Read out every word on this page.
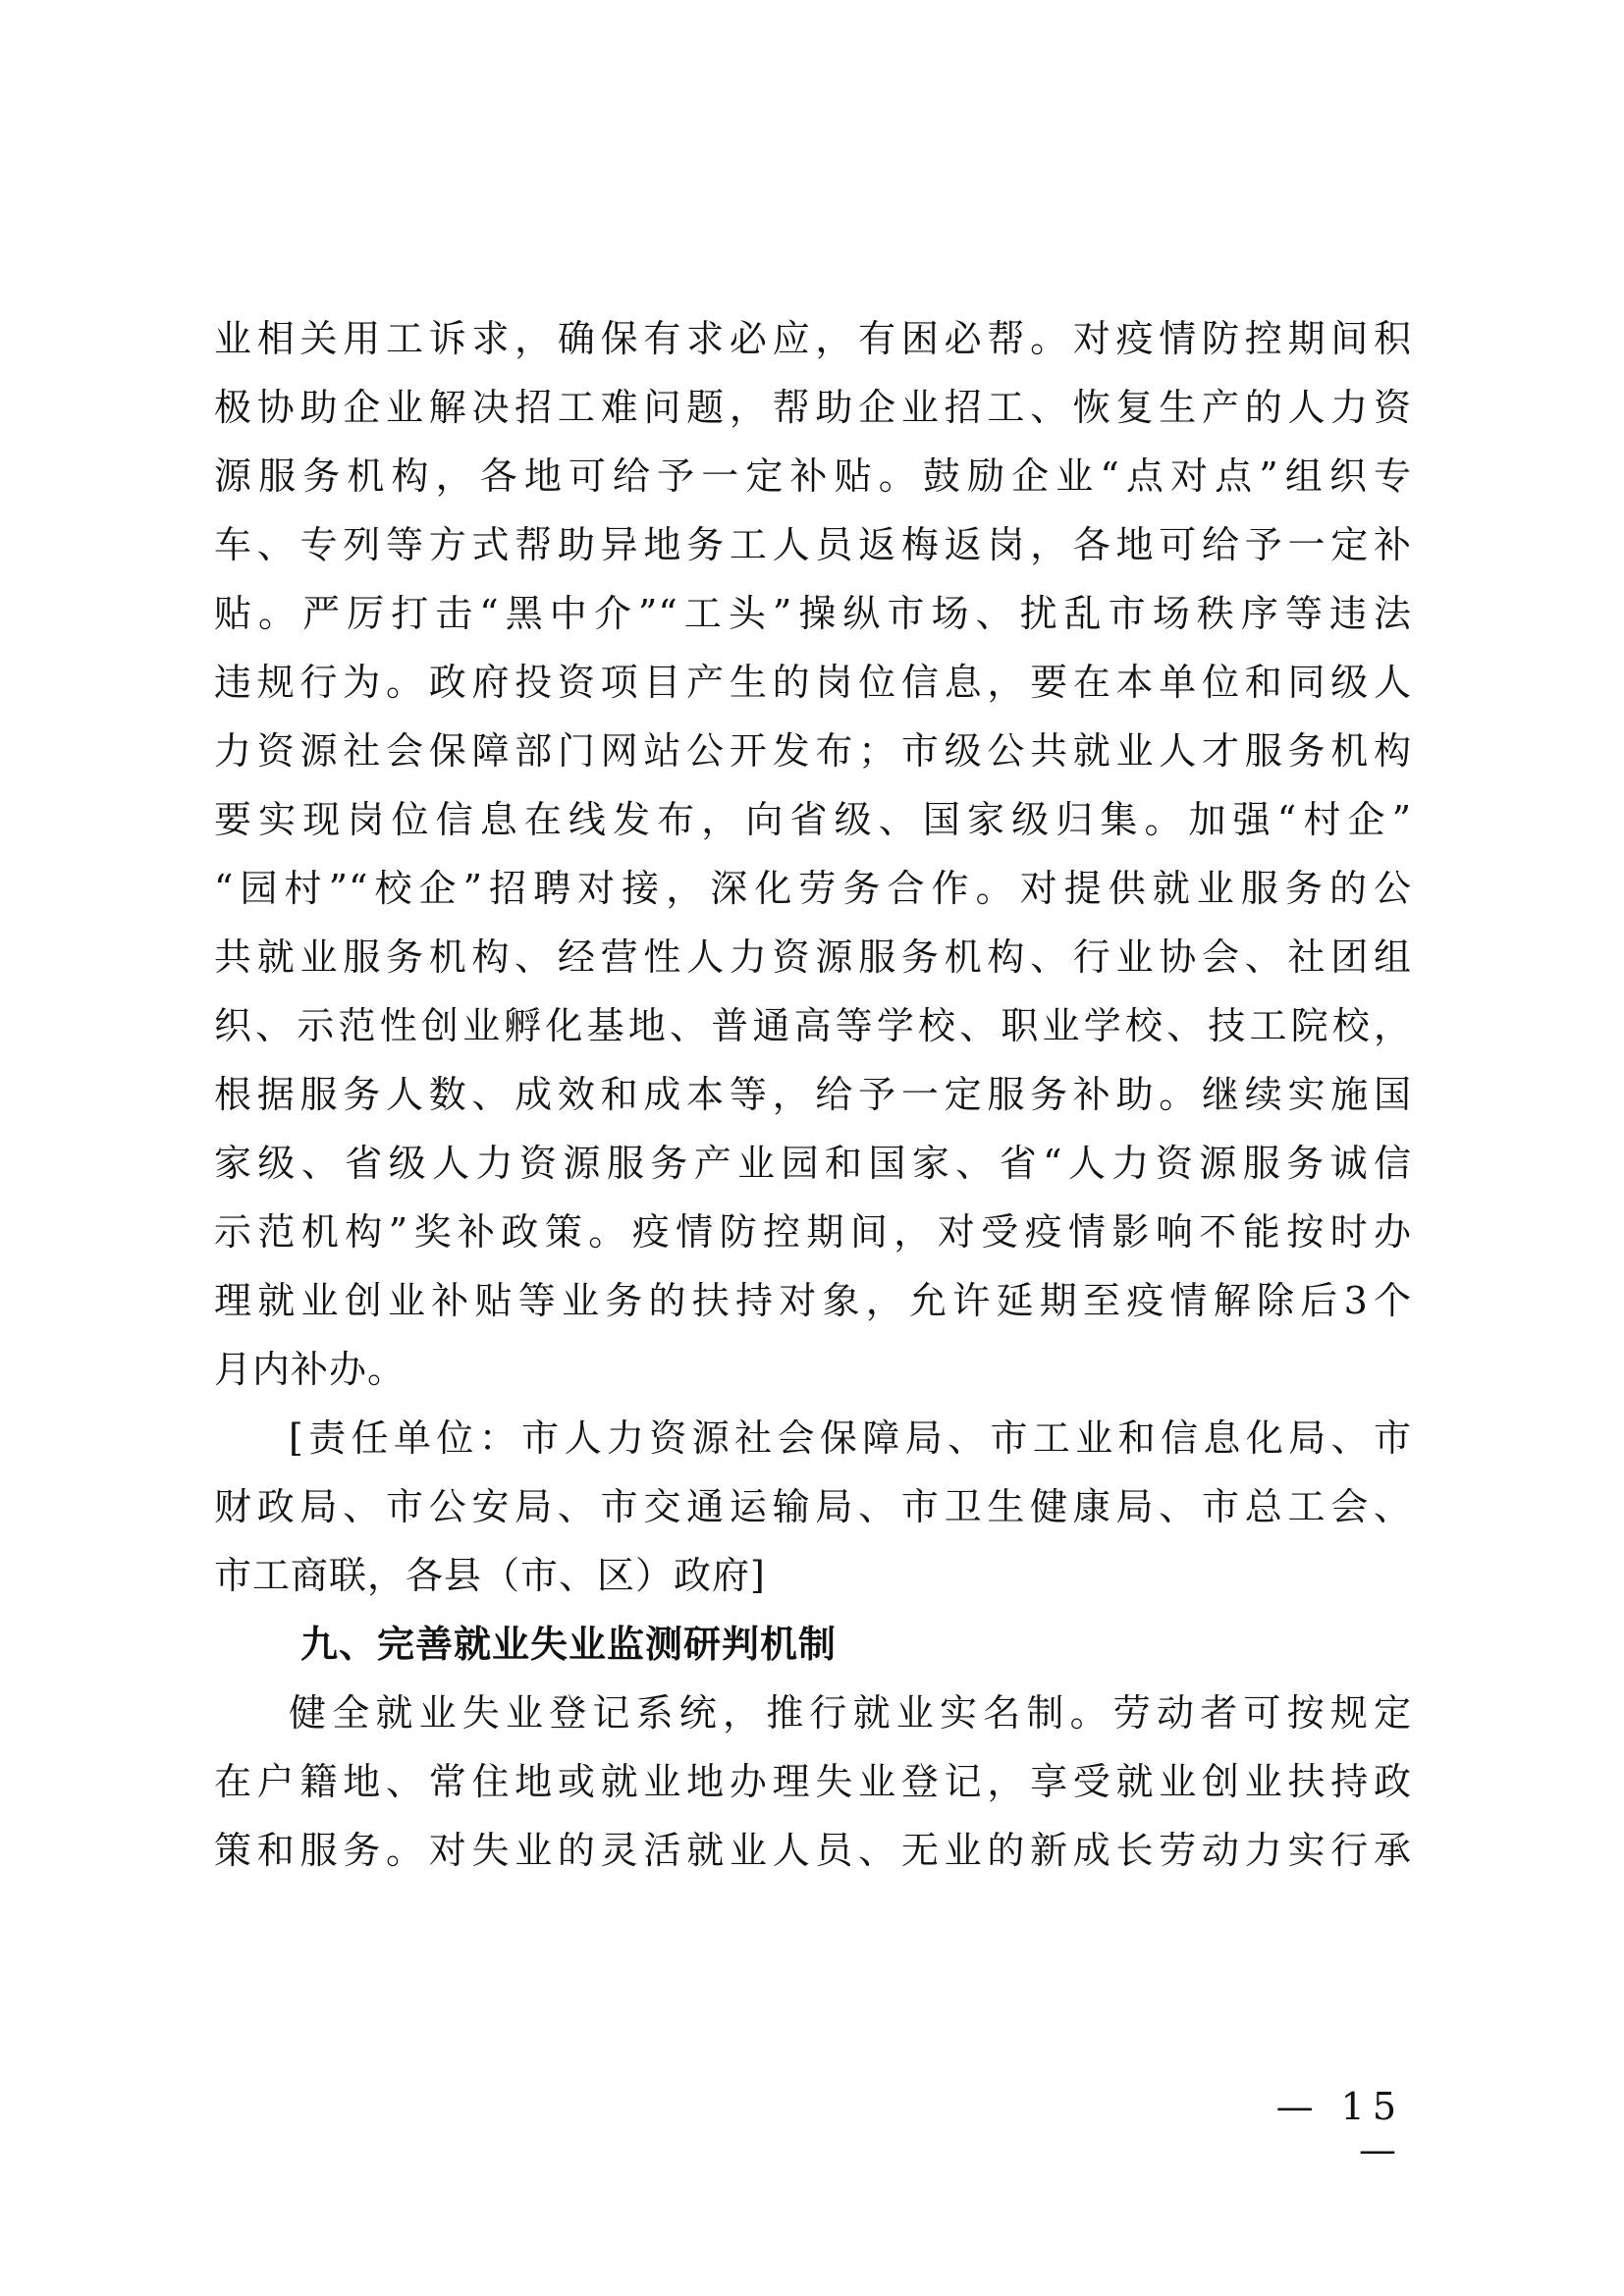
业相关用工诉求，确保有求必应，有困必帮。对疫情防控期间积
极协助企业解决招工难问题，帮助企业招工、恢复生产的人力资
源服务机构，各地可给予一定补贴。鼓励企业“点对点”组织专
车、专列等方式帮助异地务工人员返梅返岗，各地可给予一定补
贴。严厉打击“黑中介”“工头”操纵市场、扰乱市场秩序等违法
违规行为。政府投资项目产生的岗位信息，要在本单位和同级人
力资源社会保障部门网站公开发布；市级公共就业人才服务机构
要实现岗位信息在线发布，向省级、国家级归集。加强“村企”
“园村”“校企”招聘对接，深化劳务合作。对提供就业服务的公
共就业服务机构、经营性人力资源服务机构、行业协会、社团组
织、示范性创业孵化基地、普通高等学校、职业学校、技工院校，
根据服务人数、成效和成本等，给予一定服务补助。继续实施国
家级、省级人力资源服务产业园和国家、省“人力资源服务诚信
示范机构”奖补政策。疫情防控期间，对受疫情影响不能按时办
理就业创业补贴等业务的扶持对象，允许延期至疫情解除后3个
月内补办。
[责任单位：市人力资源社会保障局、市工业和信息化局、市
财政局、市公安局、市交通运输局、市卫生健康局、市总工会、
市工商联，各县（市、区）政府]
九、完善就业失业监测研判机制
健全就业失业登记系统，推行就业实名制。劳动者可按规定
在户籍地、常住地或就业地办理失业登记，享受就业创业扶持政
策和服务。对失业的灵活就业人员、无业的新成长劳动力实行承
— 15 —
